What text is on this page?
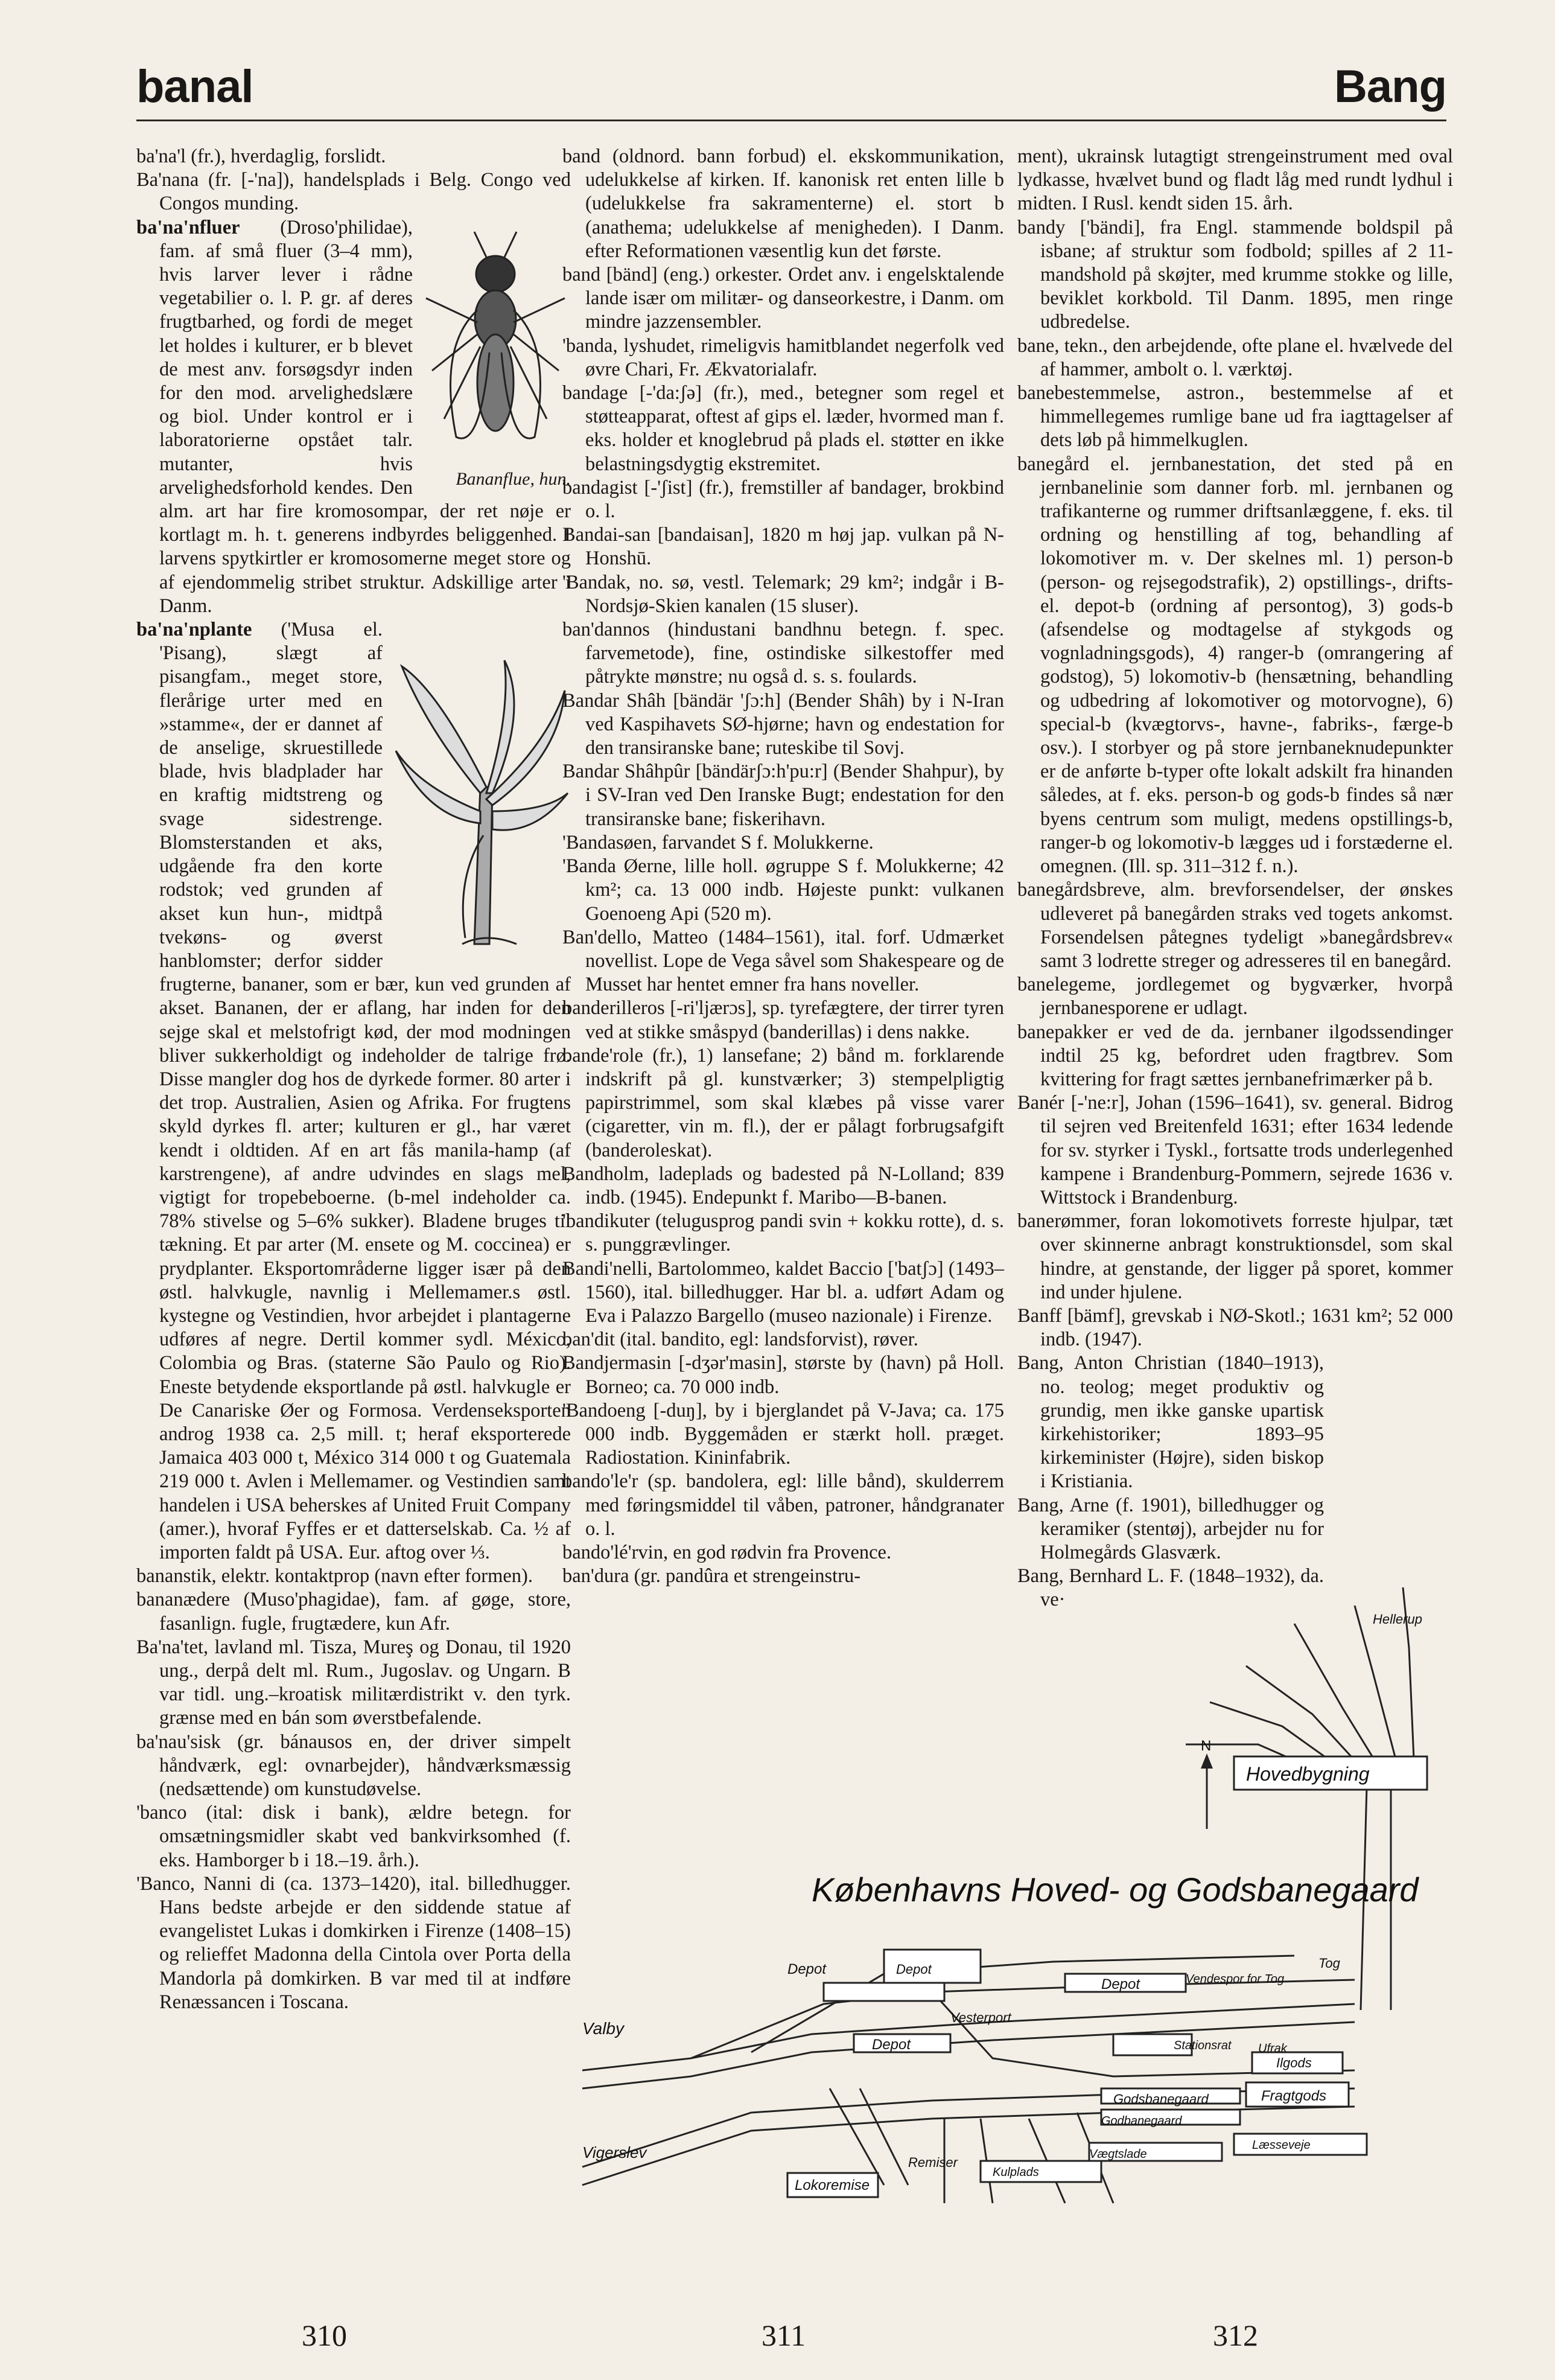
banal	Bang

ba'na'l (fr.), hverdaglig, forslidt.

Ba'nana (fr. [-'na]), handelsplads i Belg. Congo ved Congos munding.

Bananflue, hun.

ba'na'nfluer (Droso'philidae), fam. af små fluer (3–4 mm), hvis larver lever i rådne vegetabilier o. l. P. gr. af deres frugtbarhed, og fordi de meget let holdes i kulturer, er b blevet de mest anv. forsøgsdyr inden for den mod. arvelighedslære og biol. Under kontrol er i laboratorierne opstået talr. mutanter, hvis arvelighedsforhold kendes. Den alm. art har fire kromosompar, der ret nøje er kortlagt m. h. t. generens indbyrdes beliggenhed. I larvens spytkirtler er kromosomerne meget store og af ejendommelig stribet struktur. Adskillige arter i Danm.

ba'na'nplante ('Musa el. 'Pisang), slægt af pisangfam., meget store, flerårige urter med en »stamme«, der er dannet af de anselige, skruestillede blade, hvis bladplader har en kraftig midtstreng og svage sidestrenge. Blomsterstanden et aks, udgående fra den korte rodstok; ved grunden af akset kun hun-, midtpå tvekøns- og øverst hanblomster; derfor sidder frugterne, bananer, som er bær, kun ved grunden af akset. Bananen, der er aflang, har inden for den sejge skal et melstofrigt kød, der mod modningen bliver sukkerholdigt og indeholder de talrige frø. Disse mangler dog hos de dyrkede former. 80 arter i det trop. Australien, Asien og Afrika. For frugtens skyld dyrkes fl. arter; kulturen er gl., har været kendt i oldtiden. Af en art fås manila-hamp (af karstrengene), af andre udvindes en slags mel, vigtigt for tropebeboerne. (b-mel indeholder ca. 78% stivelse og 5–6% sukker). Bladene bruges til tækning. Et par arter (M. ensete og M. coccinea) er prydplanter. Eksportområderne ligger især på den østl. halvkugle, navnlig i Mellemamer.s østl. kystegne og Vestindien, hvor arbejdet i plantagerne udføres af negre. Dertil kommer sydl. México, Colombia og Bras. (staterne São Paulo og Rio). Eneste betydende eksportlande på østl. halvkugle er De Canariske Øer og Formosa. Verdenseksporten androg 1938 ca. 2,5 mill. t; heraf eksporterede Jamaica 403 000 t, México 314 000 t og Guatemala 219 000 t. Avlen i Mellemamer. og Vestindien samt handelen i USA beherskes af United Fruit Company (amer.), hvoraf Fyffes er et datterselskab. Ca. ½ af importen faldt på USA. Eur. aftog over ⅓.

bananstik, elektr. kontaktprop (navn efter formen).

bananædere (Muso'phagidae), fam. af gøge, store, fasanlign. fugle, frugtædere, kun Afr.

Ba'na'tet, lavland ml. Tisza, Mureş og Donau, til 1920 ung., derpå delt ml. Rum., Jugoslav. og Ungarn. B var tidl. ung.–kroatisk militærdistrikt v. den tyrk. grænse med en bán som øverstbefalende.

ba'nau'sisk (gr. bánausos en, der driver simpelt håndværk, egl: ovnarbejder), håndværksmæssig (nedsættende) om kunstudøvelse.

'banco (ital: disk i bank), ældre betegn. for omsætningsmidler skabt ved bankvirksomhed (f. eks. Hamborger b i 18.–19. årh.).

'Banco, Nanni di (ca. 1373–1420), ital. billedhugger. Hans bedste arbejde er den siddende statue af evangelistet Lukas i domkirken i Firenze (1408–15) og relieffet Madonna della Cintola over Porta della Mandorla på domkirken. B var med til at indføre Renæssancen i Toscana.

band (oldnord. bann forbud) el. ekskommunikation, udelukkelse af kirken. If. kanonisk ret enten lille b (udelukkelse fra sakramenterne) el. stort b (anathema; udelukkelse af menigheden). I Danm. efter Reformationen væsentlig kun det første.

band [bänd] (eng.) orkester. Ordet anv. i engelsktalende lande især om militær- og danseorkestre, i Danm. om mindre jazzensembler.

'banda, lyshudet, rimeligvis hamitblandet negerfolk ved øvre Chari, Fr. Ækvatorialafr.

bandage [-'da:ʃə] (fr.), med., betegner som regel et støtteapparat, oftest af gips el. læder, hvormed man f. eks. holder et knoglebrud på plads el. støtter en ikke belastningsdygtig ekstremitet.

bandagist [-'ʃist] (fr.), fremstiller af bandager, brokbind o. l.

Bandai-san [bandaisan], 1820 m høj jap. vulkan på N-Honshū.

'Bandak, no. sø, vestl. Telemark; 29 km²; indgår i B-Nordsjø-Skien kanalen (15 sluser).

ban'dannos (hindustani bandhnu betegn. f. spec. farvemetode), fine, ostindiske silkestoffer med påtrykte mønstre; nu også d. s. s. foulards.

Bandar Shâh [bändär 'ʃɔ:h] (Bender Shâh) by i N-Iran ved Kaspihavets SØ-hjørne; havn og endestation for den transiranske bane; ruteskibe til Sovj.

Bandar Shâhpûr [bändärʃɔ:h'pu:r] (Bender Shahpur), by i SV-Iran ved Den Iranske Bugt; endestation for den transiranske bane; fiskerihavn.

'Bandasøen, farvandet S f. Molukkerne.

'Banda Øerne, lille holl. øgruppe S f. Molukkerne; 42 km²; ca. 13 000 indb. Højeste punkt: vulkanen Goenoeng Api (520 m).

Ban'dello, Matteo (1484–1561), ital. forf. Udmærket novellist. Lope de Vega såvel som Shakespeare og de Musset har hentet emner fra hans noveller.

banderilleros [-ri'ljærɔs], sp. tyrefægtere, der tirrer tyren ved at stikke småspyd (banderillas) i dens nakke.

bande'role (fr.), 1) lansefane; 2) bånd m. forklarende indskrift på gl. kunstværker; 3) stempelpligtig papirstrimmel, som skal klæbes på visse varer (cigaretter, vin m. fl.), der er pålagt forbrugsafgift (banderoleskat).

Bandholm, ladeplads og badested på N-Lolland; 839 indb. (1945). Endepunkt f. Maribo—B-banen.

'bandikuter (telugusprog pandi svin + kokku rotte), d. s. s. punggrævlinger.

Bandi'nelli, Bartolommeo, kaldet Baccio ['batʃɔ] (1493–1560), ital. billedhugger. Har bl. a. udført Adam og Eva i Palazzo Bargello (museo nazionale) i Firenze.

ban'dit (ital. bandito, egl: landsforvist), røver.

Bandjermasin [-dʒər'masin], største by (havn) på Holl. Borneo; ca. 70 000 indb.

'Bandoeng [-duŋ], by i bjerglandet på V-Java; ca. 175 000 indb. Byggemåden er stærkt holl. præget. Radiostation. Kininfabrik.

bando'le'r (sp. bandolera, egl: lille bånd), skulderrem med føringsmiddel til våben, patroner, håndgranater o. l.

bando'lé'rvin, en god rødvin fra Provence.

ban'dura (gr. pandûra et strengeinstru-

ment), ukrainsk lutagtigt strengeinstrument med oval lydkasse, hvælvet bund og fladt låg med rundt lydhul i midten. I Rusl. kendt siden 15. årh.

bandy ['bändi], fra Engl. stammende boldspil på isbane; af struktur som fodbold; spilles af 2 11-mandshold på skøjter, med krumme stokke og lille, beviklet korkbold. Til Danm. 1895, men ringe udbredelse.

bane, tekn., den arbejdende, ofte plane el. hvælvede del af hammer, ambolt o. l. værktøj.

banebestemmelse, astron., bestemmelse af et himmellegemes rumlige bane ud fra iagttagelser af dets løb på himmelkuglen.

banegård el. jernbanestation, det sted på en jernbanelinie som danner forb. ml. jernbanen og trafikanterne og rummer driftsanlæggene, f. eks. til ordning og henstilling af tog, behandling af lokomotiver m. v. Der skelnes ml. 1) person-b (person- og rejsegodstrafik), 2) opstillings-, drifts- el. depot-b (ordning af persontog), 3) gods-b (afsendelse og modtagelse af stykgods og vognladningsgods), 4) ranger-b (omrangering af godstog), 5) lokomotiv-b (hensætning, behandling og udbedring af lokomotiver og motorvogne), 6) special-b (kvægtorvs-, havne-, fabriks-, færge-b osv.). I storbyer og på store jernbaneknudepunkter er de anførte b-typer ofte lokalt adskilt fra hinanden således, at f. eks. person-b og gods-b findes så nær byens centrum som muligt, medens opstillings-b, ranger-b og lokomotiv-b lægges ud i forstæderne el. omegnen. (Ill. sp. 311–312 f. n.).

banegårdsbreve, alm. brevforsendelser, der ønskes udleveret på banegården straks ved togets ankomst. Forsendelsen påtegnes tydeligt »banegårdsbrev« samt 3 lodrette streger og adresseres til en banegård.

banelegeme, jordlegemet og bygværker, hvorpå jernbanesporene er udlagt.

banepakker er ved de da. jernbaner ilgodssendinger indtil 25 kg, befordret uden fragtbrev. Som kvittering for fragt sættes jernbanefrimærker på b.

Banér [-'ne:r], Johan (1596–1641), sv. general. Bidrog til sejren ved Breitenfeld 1631; efter 1634 ledende for sv. styrker i Tyskl., fortsatte trods underlegenhed kampene i Brandenburg-Pommern, sejrede 1636 v. Wittstock i Brandenburg.

banerømmer, foran lokomotivets forreste hjulpar, tæt over skinnerne anbragt konstruktionsdel, som skal hindre, at genstande, der ligger på sporet, kommer ind under hjulene.

Banff [bämf], grevskab i NØ-Skotl.; 1631 km²; 52 000 indb. (1947).

Bang, Anton Christian (1840–1913), no. teolog; meget produktiv og grundig, men ikke ganske upartisk kirkehistoriker; 1893–95 kirkeminister (Højre), siden biskop i Kristiania.

Bang, Arne (f. 1901), billedhugger og keramiker (stentøj), arbejder nu for Holmegårds Glasværk.

Bang, Bernhard L. F. (1848–1932), da. ve·

Københavns Hoved- og Godsbanegaard
Hovedbygning
Valby
Depot
Depot
Depot
Vesterport
Depot
Vendespor for Tog
Remiser
Vigerslev
Lokoremise
Godsbanegaard	Fragtgods
Stationsrat
Ilgods
Ufrak
Læsseveje
Godbanegaard
Kulplads
Vægtslade
Tog
Hellerup
N
310	311	312
